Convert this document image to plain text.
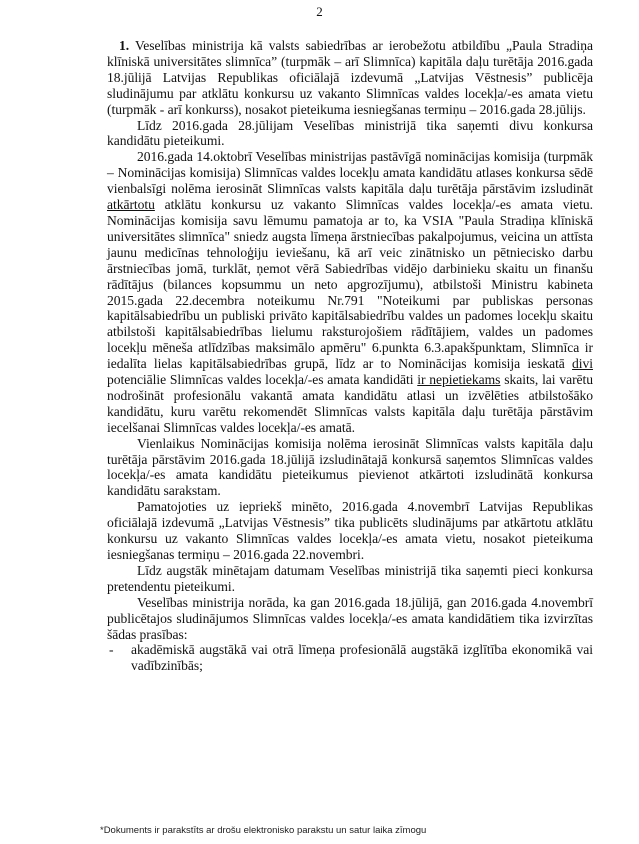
2

1. Veselības ministrija kā valsts sabiedrības ar ierobežotu atbildību „Paula Stradiņa klīniskā universitātes slimnīca” (turpmāk – arī Slimnīca) kapitāla daļu turētāja 2016.gada 18.jūlijā Latvijas Republikas oficiālajā izdevumā „Latvijas Vēstnesis” publicēja sludinājumu par atklātu konkursu uz vakanto Slimnīcas valdes locekļa/-es amata vietu (turpmāk - arī konkurss), nosakot pieteikuma iesniegšanas termiņu – 2016.gada 28.jūlijs.

Līdz 2016.gada 28.jūlijam Veselības ministrijā tika saņemti divu konkursa kandidātu pieteikumi.

2016.gada 14.oktobrī Veselības ministrijas pastāvīgā nominācijas komisija (turpmāk – Nominācijas komisija) Slimnīcas valdes locekļu amata kandidātu atlases konkursa sēdē vienbalsīgi nolēma ierosināt Slimnīcas valsts kapitāla daļu turētāja pārstāvim izsludināt atkārtotu atklātu konkursu uz vakanto Slimnīcas valdes locekļa/-es amata vietu. Nominācijas komisija savu lēmumu pamatoja ar to, ka VSIA "Paula Stradiņa klīniskā universitātes slimnīca" sniedz augsta līmeņa ārstniecības pakalpojumus, veicina un attīsta jaunu medicīnas tehnoloģiju ieviešanu, kā arī veic zinātnisko un pētniecisko darbu ārstniecības jomā, turklāt, ņemot vērā Sabiedrības vidējo darbinieku skaitu un finanšu rādītājus (bilances kopsummu un neto apgrozījumu), atbilstoši Ministru kabineta 2015.gada 22.decembra noteikumu Nr.791 "Noteikumi par publiskas personas kapitālsabiedrību un publiski privāto kapitālsabiedrību valdes un padomes locekļu skaitu atbilstoši kapitālsabiedrības lielumu raksturojošiem rādītājiem, valdes un padomes locekļu mēneša atlīdzības maksimālo apmēru" 6.punkta 6.3.apakšpunktam, Slimnīca ir iedalīta lielas kapitālsabiedrības grupā, līdz ar to Nominācijas komisija ieskatā divi potenciālie Slimnīcas valdes locekļa/-es amata kandidāti ir nepietiekams skaits, lai varētu nodrošināt profesionālu vakantā amata kandidātu atlasi un izvēlēties atbilstošāko kandidātu, kuru varētu rekomendēt Slimnīcas valsts kapitāla daļu turētāja pārstāvim iecelšanai Slimnīcas valdes locekļa/-es amatā.

Vienlaikus Nominācijas komisija nolēma ierosināt Slimnīcas valsts kapitāla daļu turētāja pārstāvim 2016.gada 18.jūlijā izsludinātajā konkursā saņemtos Slimnīcas valdes locekļa/-es amata kandidātu pieteikumus pievienot atkārtoti izsludinātā konkursa kandidātu sarakstam.

Pamatojoties uz iepriekš minēto, 2016.gada 4.novembrī Latvijas Republikas oficiālajā izdevumā „Latvijas Vēstnesis” tika publicēts sludinājums par atkārtotu atklātu konkursu uz vakanto Slimnīcas valdes locekļa/-es amata vietu, nosakot pieteikuma iesniegšanas termiņu – 2016.gada 22.novembri.

Līdz augstāk minētajam datumam Veselības ministrijā tika saņemti pieci konkursa pretendentu pieteikumi.

Veselības ministrija norāda, ka gan 2016.gada 18.jūlijā, gan 2016.gada 4.novembrī publicētajos sludinājumos Slimnīcas valdes locekļa/-es amata kandidātiem tika izvirzītas šādas prasības:

- akadēmiskā augstākā vai otrā līmeņa profesionālā augstākā izglītība ekonomikā vai vadībzinībās;
*Dokuments ir parakstīts ar drošu elektronisko parakstu un satur laika zīmogu
